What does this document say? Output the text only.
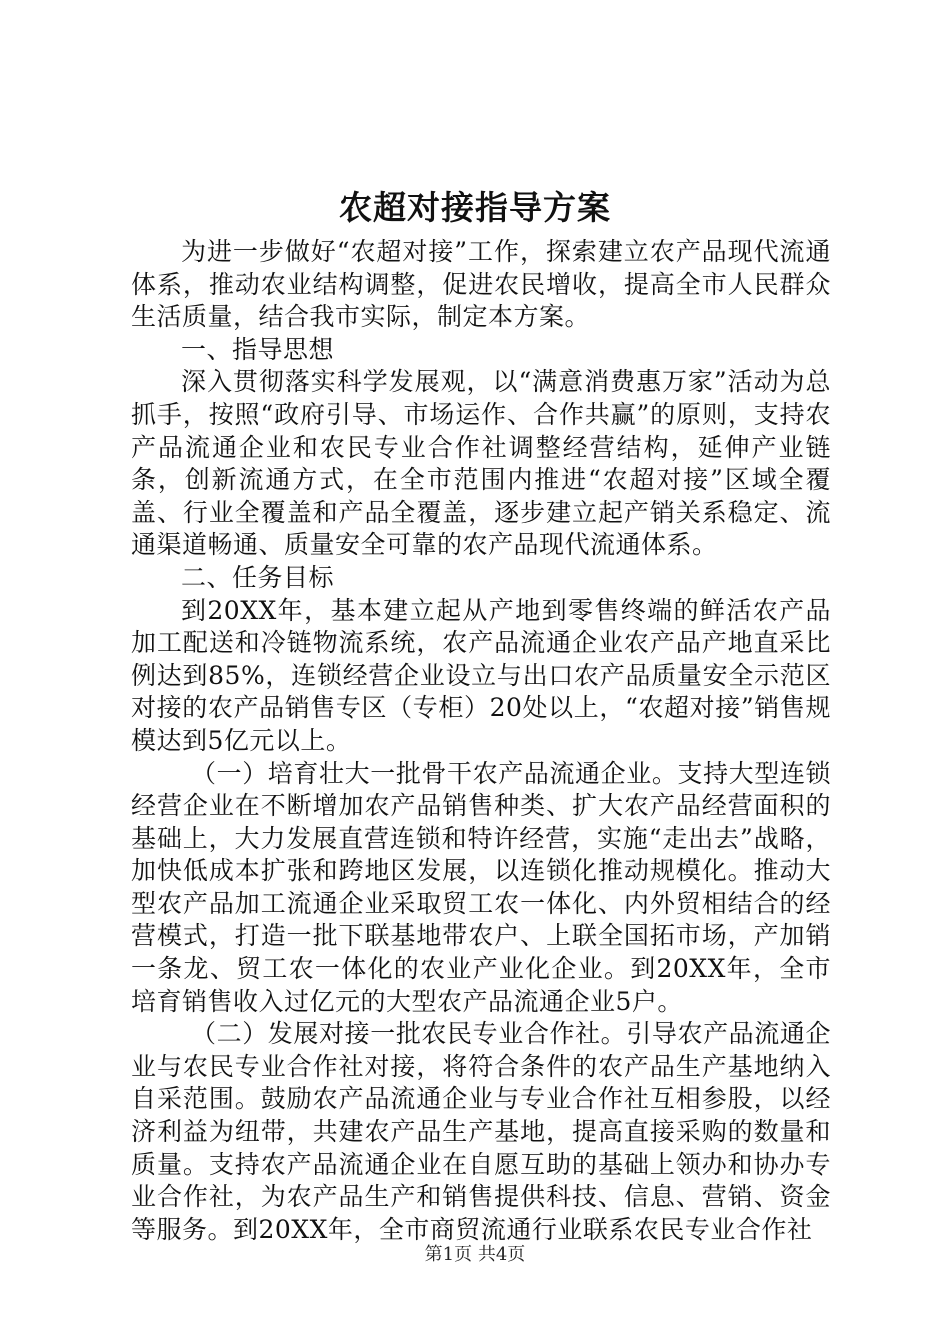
农超对接指导方案

为进一步做好“农超对接”工作，探索建立农产品现代流通体系，推动农业结构调整，促进农民增收，提高全市人民群众生活质量，结合我市实际，制定本方案。

一、指导思想

深入贯彻落实科学发展观，以“满意消费惠万家”活动为总抓手，按照“政府引导、市场运作、合作共赢”的原则，支持农产品流通企业和农民专业合作社调整经营结构，延伸产业链条，创新流通方式，在全市范围内推进“农超对接”区域全覆盖、行业全覆盖和产品全覆盖，逐步建立起产销关系稳定、流通渠道畅通、质量安全可靠的农产品现代流通体系。

二、任务目标

到20XX年，基本建立起从产地到零售终端的鲜活农产品加工配送和冷链物流系统，农产品流通企业农产品产地直采比例达到85%，连锁经营企业设立与出口农产品质量安全示范区对接的农产品销售专区（专柜）20处以上，“农超对接”销售规模达到5亿元以上。

（一）培育壮大一批骨干农产品流通企业。支持大型连锁经营企业在不断增加农产品销售种类、扩大农产品经营面积的基础上，大力发展直营连锁和特许经营，实施“走出去”战略，加快低成本扩张和跨地区发展，以连锁化推动规模化。推动大型农产品加工流通企业采取贸工农一体化、内外贸相结合的经营模式，打造一批下联基地带农户、上联全国拓市场，产加销一条龙、贸工农一体化的农业产业化企业。到20XX年，全市培育销售收入过亿元的大型农产品流通企业5户。

（二）发展对接一批农民专业合作社。引导农产品流通企业与农民专业合作社对接，将符合条件的农产品生产基地纳入自采范围。鼓励农产品流通企业与专业合作社互相参股，以经济利益为纽带，共建农产品生产基地，提高直接采购的数量和质量。支持农产品流通企业在自愿互助的基础上领办和协办专业合作社，为农产品生产和销售提供科技、信息、营销、资金等服务。到20XX年，全市商贸流通行业联系农民专业合作社

第1页 共4页
